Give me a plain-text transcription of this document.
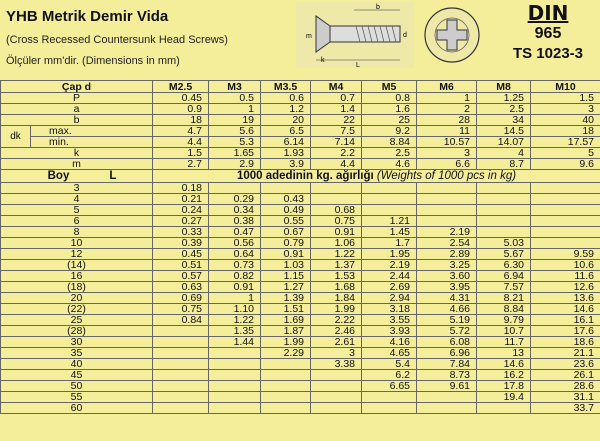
YHB Metrik Demir Vida
(Cross Recessed Countersunk Head Screws)
Ölçüler mm'dir. (Dimensions in mm)
m
L
b
k
d
DIN
965
TS 1023-3
Çap d		M2.5	M3	M3.5	M4	M5	M6	M8	M10
P		0.45	0.5	0.6	0.7	0.8	1	1.25	1.5
a		0.9	1	1.2	1.4	1.6	2	2.5	3
b		18	19	20	22	25	28	34	40
dk	max.	4.7	5.6	6.5	7.5	9.2	11	14.5	18
	min.	4.4	5.3	6.14	7.14	8.84	10.57	14.07	17.57
k		1.5	1.65	1.93	2.2	2.5	3	4	5
m		2.7	2.9	3.9	4.4	4.6	6.6	8.7	9.6
Boy L		1000 adedinin kg. ağırlığı (Weights of 1000 pcs in kg)							
3		0.18							
4		0.21	0.29	0.43					
5		0.24	0.34	0.49	0.68				
6		0.27	0.38	0.55	0.75	1.21			
8		0.33	0.47	0.67	0.91	1.45	2.19		
10		0.39	0.56	0.79	1.06	1.7	2.54	5.03	
12		0.45	0.64	0.91	1.22	1.95	2.89	5.67	9.59
(14)		0.51	0.73	1.03	1.37	2.19	3.25	6.30	10.6
16		0.57	0.82	1.15	1.53	2.44	3.60	6.94	11.6
(18)		0.63	0.91	1.27	1.68	2.69	3.95	7.57	12.6
20		0.69	1	1.39	1.84	2.94	4.31	8.21	13.6
(22)		0.75	1.10	1.51	1.99	3.18	4.66	8.84	14.6
25		0.84	1.22	1.69	2.22	3.55	5.19	9.79	16.1
(28)			1.35	1.87	2.46	3.93	5.72	10.7	17.6
30			1.44	1.99	2.61	4.16	6.08	11.7	18.6
35				2.29	3	4.65	6.96	13	21.1
40					3.38	5.4	7.84	14.6	23.6
45						6.2	8.73	16.2	26.1
50						6.65	9.61	17.8	28.6
55								19.4	31.1
60									33.7
